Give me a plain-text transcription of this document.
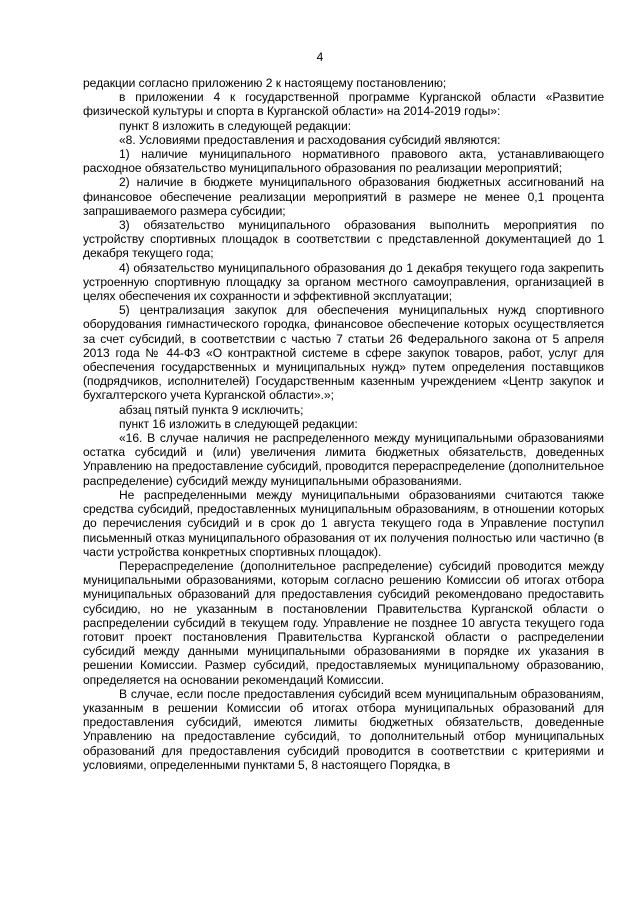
4

редакции согласно приложению 2 к настоящему постановлению;

в приложении 4 к государственной программе Курганской области «Развитие физической культуры и спорта в Курганской области» на 2014-2019 годы»:

пункт 8 изложить в следующей редакции:

«8. Условиями предоставления и расходования субсидий являются:

1) наличие муниципального нормативного правового акта, устанавливающего расходное обязательство муниципального образования по реализации мероприятий;

2) наличие в бюджете муниципального образования бюджетных ассигнований на финансовое обеспечение реализации мероприятий в размере не менее 0,1 процента запрашиваемого размера субсидии;

3) обязательство муниципального образования выполнить мероприятия по устройству спортивных площадок в соответствии с представленной документацией до 1 декабря текущего года;

4) обязательство муниципального образования до 1 декабря текущего года закрепить устроенную спортивную площадку за органом местного самоуправления, организацией в целях обеспечения их сохранности и эффективной эксплуатации;

5) централизация закупок для обеспечения муниципальных нужд спортивного оборудования гимнастического городка, финансовое обеспечение которых осуществляется за счет субсидий, в соответствии с частью 7 статьи 26 Федерального закона от 5 апреля 2013 года № 44-ФЗ «О контрактной системе в сфере закупок товаров, работ, услуг для обеспечения государственных и муниципальных нужд» путем определения поставщиков (подрядчиков, исполнителей) Государственным казенным учреждением «Центр закупок и бухгалтерского учета Курганской области».»;

абзац пятый пункта 9 исключить;

пункт 16 изложить в следующей редакции:

«16. В случае наличия не распределенного между муниципальными образованиями остатка субсидий и (или) увеличения лимита бюджетных обязательств, доведенных Управлению на предоставление субсидий, проводится перераспределение (дополнительное распределение) субсидий между муниципальными образованиями.

Не распределенными между муниципальными образованиями считаются также средства субсидий, предоставленных муниципальным образованиям, в отношении которых до перечисления субсидий и в срок до 1 августа текущего года в Управление поступил письменный отказ муниципального образования от их получения полностью или частично (в части устройства конкретных спортивных площадок).

Перераспределение (дополнительное распределение) субсидий проводится между муниципальными образованиями, которым согласно решению Комиссии об итогах отбора муниципальных образований для предоставления субсидий рекомендовано предоставить субсидию, но не указанным в постановлении Правительства Курганской области о распределении субсидий в текущем году. Управление не позднее 10 августа текущего года готовит проект постановления Правительства Курганской области о распределении субсидий между данными муниципальными образованиями в порядке их указания в решении Комиссии. Размер субсидий, предоставляемых муниципальному образованию, определяется на основании рекомендаций Комиссии.

В случае, если после предоставления субсидий всем муниципальным образованиям, указанным в решении Комиссии об итогах отбора муниципальных образований для предоставления субсидий, имеются лимиты бюджетных обязательств, доведенные Управлению на предоставление субсидий, то дополнительный отбор муниципальных образований для предоставления субсидий проводится в соответствии с критериями и условиями, определенными пунктами 5, 8 настоящего Порядка, в
